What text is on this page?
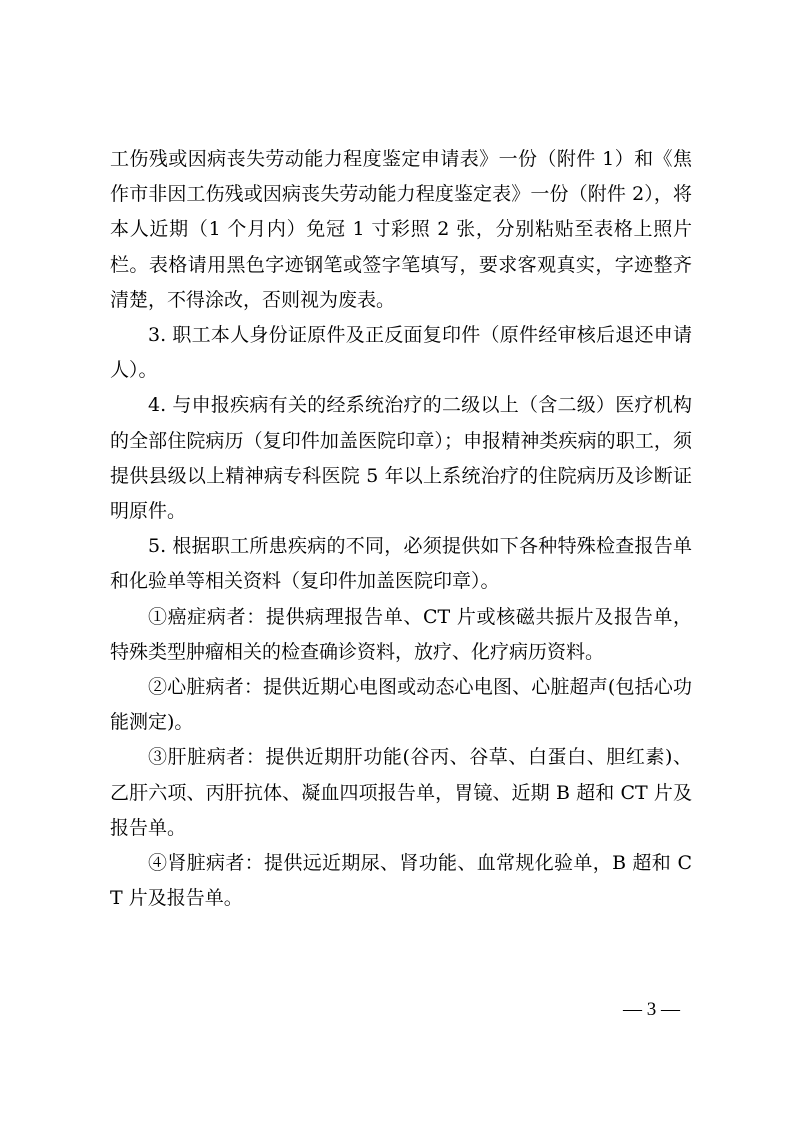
工伤残或因病丧失劳动能力程度鉴定申请表》一份（附件 1）和《焦作市非因工伤残或因病丧失劳动能力程度鉴定表》一份（附件 2），将本人近期（1 个月内）免冠 1 寸彩照 2 张，分别粘贴至表格上照片栏。表格请用黑色字迹钢笔或签字笔填写，要求客观真实，字迹整齐清楚，不得涂改，否则视为废表。

3. 职工本人身份证原件及正反面复印件（原件经审核后退还申请人）。

4. 与申报疾病有关的经系统治疗的二级以上（含二级）医疗机构的全部住院病历（复印件加盖医院印章）；申报精神类疾病的职工，须提供县级以上精神病专科医院 5 年以上系统治疗的住院病历及诊断证明原件。

5. 根据职工所患疾病的不同，必须提供如下各种特殊检查报告单和化验单等相关资料（复印件加盖医院印章）。

①癌症病者：提供病理报告单、CT 片或核磁共振片及报告单，特殊类型肿瘤相关的检查确诊资料，放疗、化疗病历资料。

②心脏病者：提供近期心电图或动态心电图、心脏超声(包括心功能测定)。

③肝脏病者：提供近期肝功能(谷丙、谷草、白蛋白、胆红素)、乙肝六项、丙肝抗体、凝血四项报告单，胃镜、近期 B 超和 CT 片及报告单。

④肾脏病者：提供远近期尿、肾功能、血常规化验单，B 超和 CT 片及报告单。

— 3 —
